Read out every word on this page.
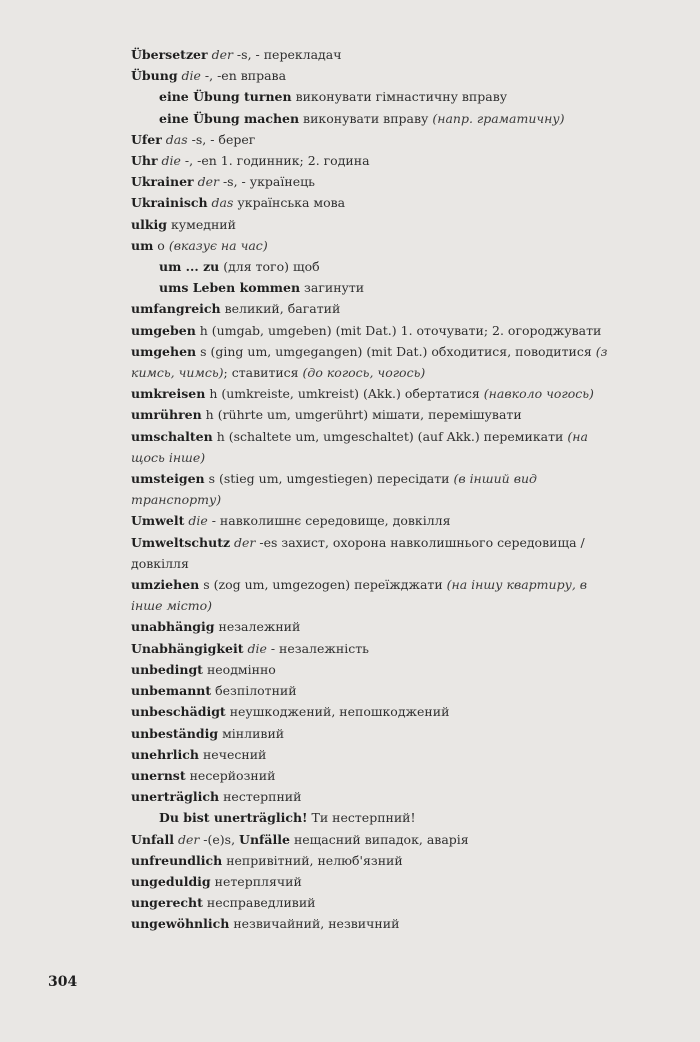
Übersetzer der -s, - перекладач
Übung die -, -en вправа
eine Übung turnen виконувати гімнастичну вправу
eine Übung machen виконувати вправу (напр. граматичну)
Ufer das -s, - берег
Uhr die -, -en 1. годинник; 2. година
Ukrainer der -s, - українець
Ukrainisch das українська мова
ulkig кумедний
um о (вказує на час)
um ... zu (для того) щоб
ums Leben kommen загинути
umfangreich великий, багатий
umgeben h (umgab, umgeben) (mit Dat.) 1. оточувати; 2. огороджувати
umgehen s (ging um, umgegangen) (mit Dat.) обходитися, поводитися (з кимсь, чимсь); ставитися (до когось, чогось)
umkreisen h (umkreiste, umkreist) (Akk.) обертатися (навколо чогось)
umrühren h (rührte um, umgerührt) мішати, перемішувати
umschalten h (schaltete um, umgeschaltet) (auf Akk.) перемикати (на щось інше)
umsteigen s (stieg um, umgestiegen) пересідати (в інший вид транспорту)
Umwelt die - навколишнє середовище, довкілля
Umweltschutz der -es захист, охорона навколишнього середовища / довкілля
umziehen s (zog um, umgezogen) переїжджати (на іншу квартиру, в інше місто)
unabhängig незалежний
Unabhängigkeit die - незалежність
unbedingt неодмінно
unbemannt безпілотний
unbeschädigt неушкоджений, непошкоджений
unbeständig мінливий
unehrlich нечесний
unernst несерйозний
unerträglich нестерпний
Du bist unerträglich! Ти нестерпний!
Unfall der -(e)s, Unfälle нещасний випадок, аварія
unfreundlich непривітний, нелюб'язний
ungeduldig нетерплячий
ungerecht несправедливий
ungewöhnlich незвичайний, незвичний
304
